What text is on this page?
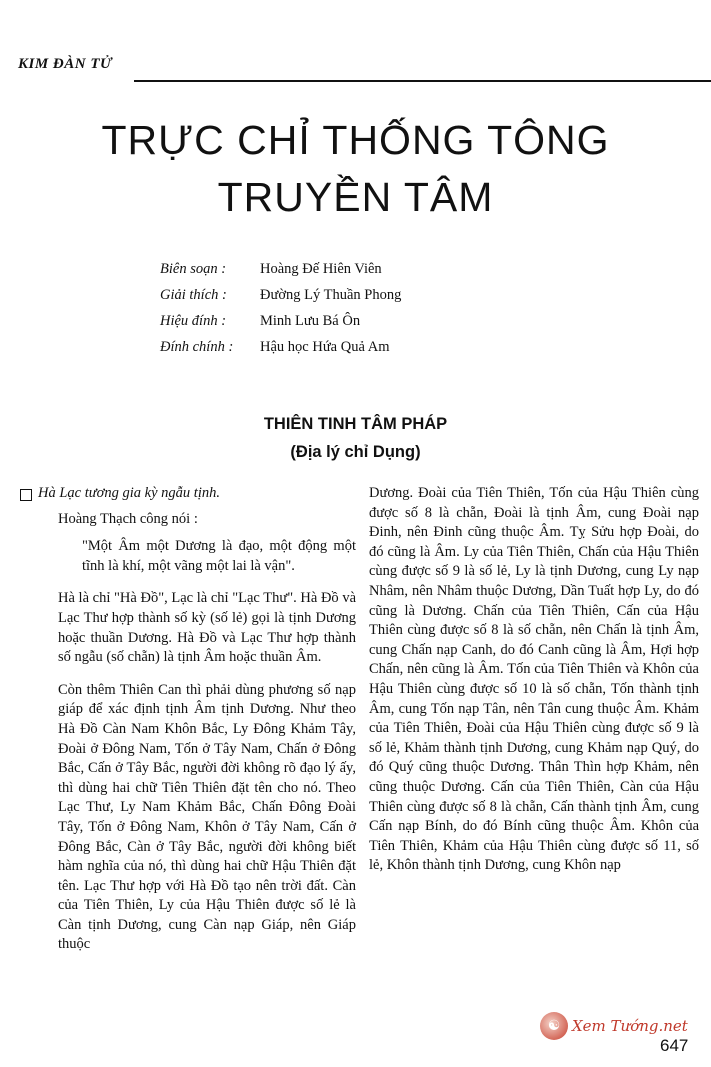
KIM ĐÀN TỬ
TRỰC CHỈ THỐNG TÔNG
TRUYỀN TÂM
Biên soạn :	Hoàng Đế Hiên Viên
Giải thích :	Đường Lý Thuần Phong
Hiệu đính :	Minh Lưu Bá Ôn
Đính chính :	Hậu học Hứa Quả Am
THIÊN TINH TÂM PHÁP
(Địa lý chỉ Dụng)
Hà Lạc tương gia kỳ ngẫu tịnh.

Hoàng Thạch công nói :

"Một Âm một Dương là đạo, một động một tĩnh là khí, một vãng một lai là vận".

Hà là chỉ "Hà Đồ", Lạc là chỉ "Lạc Thư". Hà Đồ và Lạc Thư hợp thành số kỳ (số lẻ) gọi là tịnh Dương hoặc thuần Dương. Hà Đồ và Lạc Thư hợp thành số ngẫu (số chẵn) là tịnh Âm hoặc thuần Âm.

Còn thêm Thiên Can thì phải dùng phương số nạp giáp để xác định tịnh Âm tịnh Dương. Như theo Hà Đồ Càn Nam Khôn Bắc, Ly Đông Khảm Tây, Đoài ở Đông Nam, Tốn ở Tây Nam, Chấn ở Đông Bắc, Cấn ở Tây Bắc, người đời không rõ đạo lý ấy, thì dùng hai chữ Tiên Thiên đặt tên cho nó. Theo Lạc Thư, Ly Nam Khảm Bắc, Chấn Đông Đoài Tây, Tốn ở Đông Nam, Khôn ở Tây Nam, Cấn ở Đông Bắc, Càn ở Tây Bắc, người đời không biết hàm nghĩa của nó, thì dùng hai chữ Hậu Thiên đặt tên. Lạc Thư hợp với Hà Đồ tạo nên trời đất. Càn của Tiên Thiên, Ly của Hậu Thiên được số lẻ là Càn tịnh Dương, cung Càn nạp Giáp, nên Giáp thuộc

Dương. Đoài của Tiên Thiên, Tốn của Hậu Thiên cùng được số 8 là chẵn, Đoài là tịnh Âm, cung Đoài nạp Đinh, nên Đinh cũng thuộc Âm. Tỵ Sửu hợp Đoài, do đó cũng là Âm. Ly của Tiên Thiên, Chấn của Hậu Thiên cùng được số 9 là số lẻ, Ly là tịnh Dương, cung Ly nạp Nhâm, nên Nhâm thuộc Dương, Dần Tuất hợp Ly, do đó cũng là Dương. Chấn của Tiên Thiên, Cấn của Hậu Thiên cùng được số 8 là số chẵn, nên Chấn là tịnh Âm, cung Chấn nạp Canh, do đó Canh cũng là Âm, Hợi hợp Chấn, nên cũng là Âm. Tốn của Tiên Thiên và Khôn của Hậu Thiên cùng được số 10 là số chẵn, Tốn thành tịnh Âm, cung Tốn nạp Tân, nên Tân cung thuộc Âm. Khảm của Tiên Thiên, Đoài của Hậu Thiên cùng được số 9 là số lẻ, Khảm thành tịnh Dương, cung Khảm nạp Quý, do đó Quý cũng thuộc Dương. Thân Thìn hợp Khảm, nên cũng thuộc Dương. Cấn của Tiên Thiên, Càn của Hậu Thiên cùng được số 8 là chẵn, Cấn thành tịnh Âm, cung Cấn nạp Bính, do đó Bính cũng thuộc Âm. Khôn của Tiên Thiên, Khảm của Hậu Thiên cùng được số 11, số lẻ, Khôn thành tịnh Dương, cung Khôn nạp

☯ Xem Tướng.net
647
